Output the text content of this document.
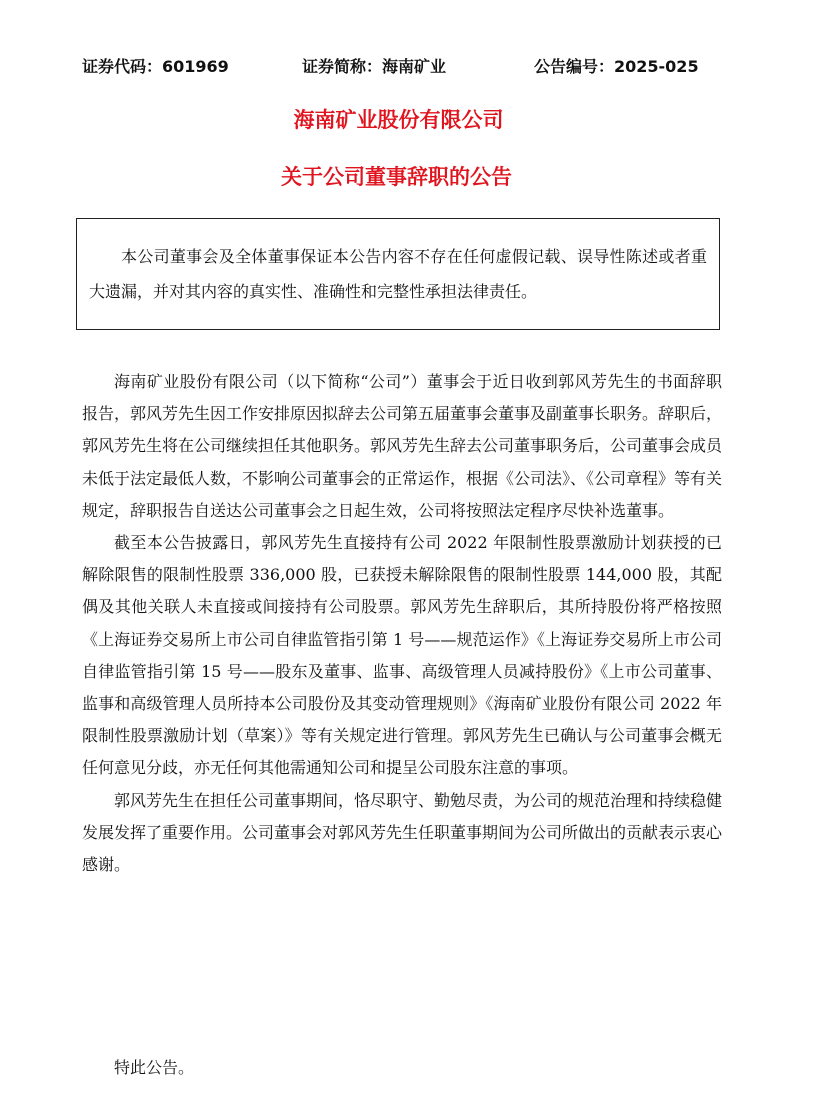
证券代码：601969	证券简称：海南矿业	公告编号：2025-025
海南矿业股份有限公司
关于公司董事辞职的公告

本公司董事会及全体董事保证本公告内容不存在任何虚假记载、误导性陈述或者重大遗漏，并对其内容的真实性、准确性和完整性承担法律责任。

海南矿业股份有限公司（以下简称“公司”）董事会于近日收到郭风芳先生的书面辞职报告，郭风芳先生因工作安排原因拟辞去公司第五届董事会董事及副董事长职务。辞职后，郭风芳先生将在公司继续担任其他职务。郭风芳先生辞去公司董事职务后，公司董事会成员未低于法定最低人数，不影响公司董事会的正常运作，根据《公司法》、《公司章程》等有关规定，辞职报告自送达公司董事会之日起生效，公司将按照法定程序尽快补选董事。

截至本公告披露日，郭风芳先生直接持有公司 2022 年限制性股票激励计划获授的已解除限售的限制性股票 336,000 股，已获授未解除限售的限制性股票 144,000 股，其配偶及其他关联人未直接或间接持有公司股票。郭风芳先生辞职后，其所持股份将严格按照《上海证券交易所上市公司自律监管指引第 1 号——规范运作》《上海证券交易所上市公司自律监管指引第 15 号——股东及董事、监事、高级管理人员减持股份》《上市公司董事、监事和高级管理人员所持本公司股份及其变动管理规则》《海南矿业股份有限公司 2022 年限制性股票激励计划（草案）》等有关规定进行管理。郭风芳先生已确认与公司董事会概无任何意见分歧，亦无任何其他需通知公司和提呈公司股东注意的事项。

郭风芳先生在担任公司董事期间，恪尽职守、勤勉尽责，为公司的规范治理和持续稳健发展发挥了重要作用。公司董事会对郭风芳先生任职董事期间为公司所做出的贡献表示衷心感谢。

特此公告。
